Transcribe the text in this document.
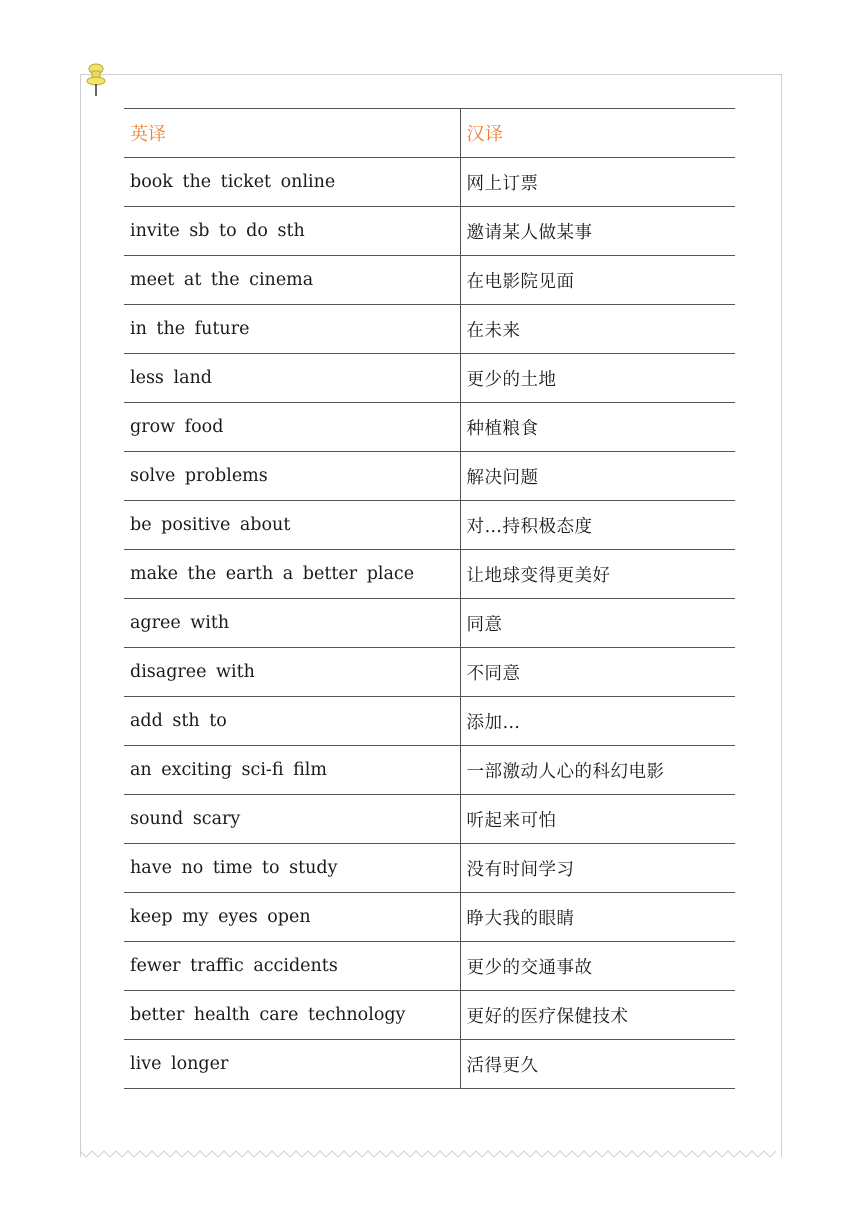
英译	汉译
book the ticket online	网上订票
invite sb to do sth	邀请某人做某事
meet at the cinema	在电影院见面
in the future	在未来
less land	更少的土地
grow food	种植粮食
solve problems	解决问题
be positive about	对…持积极态度
make the earth a better place	让地球变得更美好
agree with	同意
disagree with	不同意
add sth to	添加…
an exciting sci-fi film	一部激动人心的科幻电影
sound scary	听起来可怕
have no time to study	没有时间学习
keep my eyes open	睁大我的眼睛
fewer traffic accidents	更少的交通事故
better health care technology	更好的医疗保健技术
live longer	活得更久
